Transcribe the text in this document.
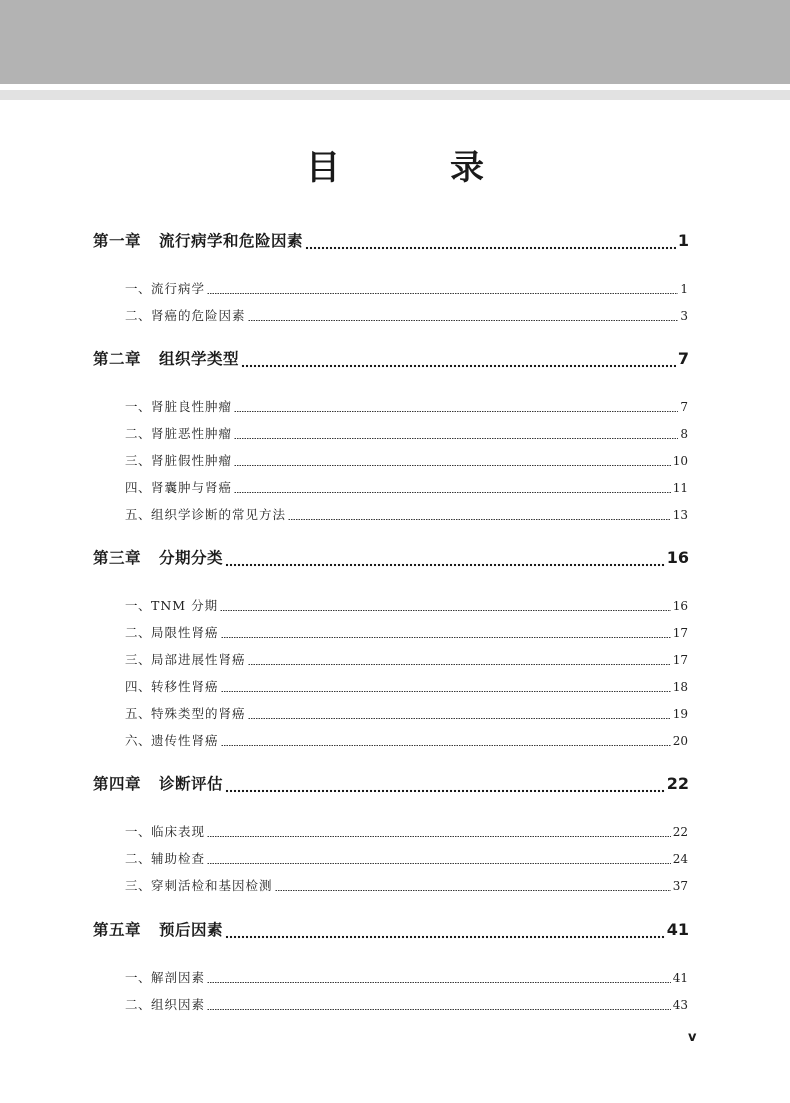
目　录
第一章 流行病学和危险因素	1
一、 流行病学	1
二、 肾癌的危险因素	3
第二章 组织学类型	7
一、 肾脏良性肿瘤	7
二、 肾脏恶性肿瘤	8
三、 肾脏假性肿瘤	10
四、 肾囊肿与肾癌	11
五、 组织学诊断的常见方法	13
第三章 分期分类	16
一、 TNM 分期	16
二、 局限性肾癌	17
三、 局部进展性肾癌	17
四、 转移性肾癌	18
五、 特殊类型的肾癌	19
六、 遗传性肾癌	20
第四章 诊断评估	22
一、 临床表现	22
二、 辅助检查	24
三、 穿刺活检和基因检测	37
第五章 预后因素	41
一、 解剖因素	41
二、 组织因素	43
v
